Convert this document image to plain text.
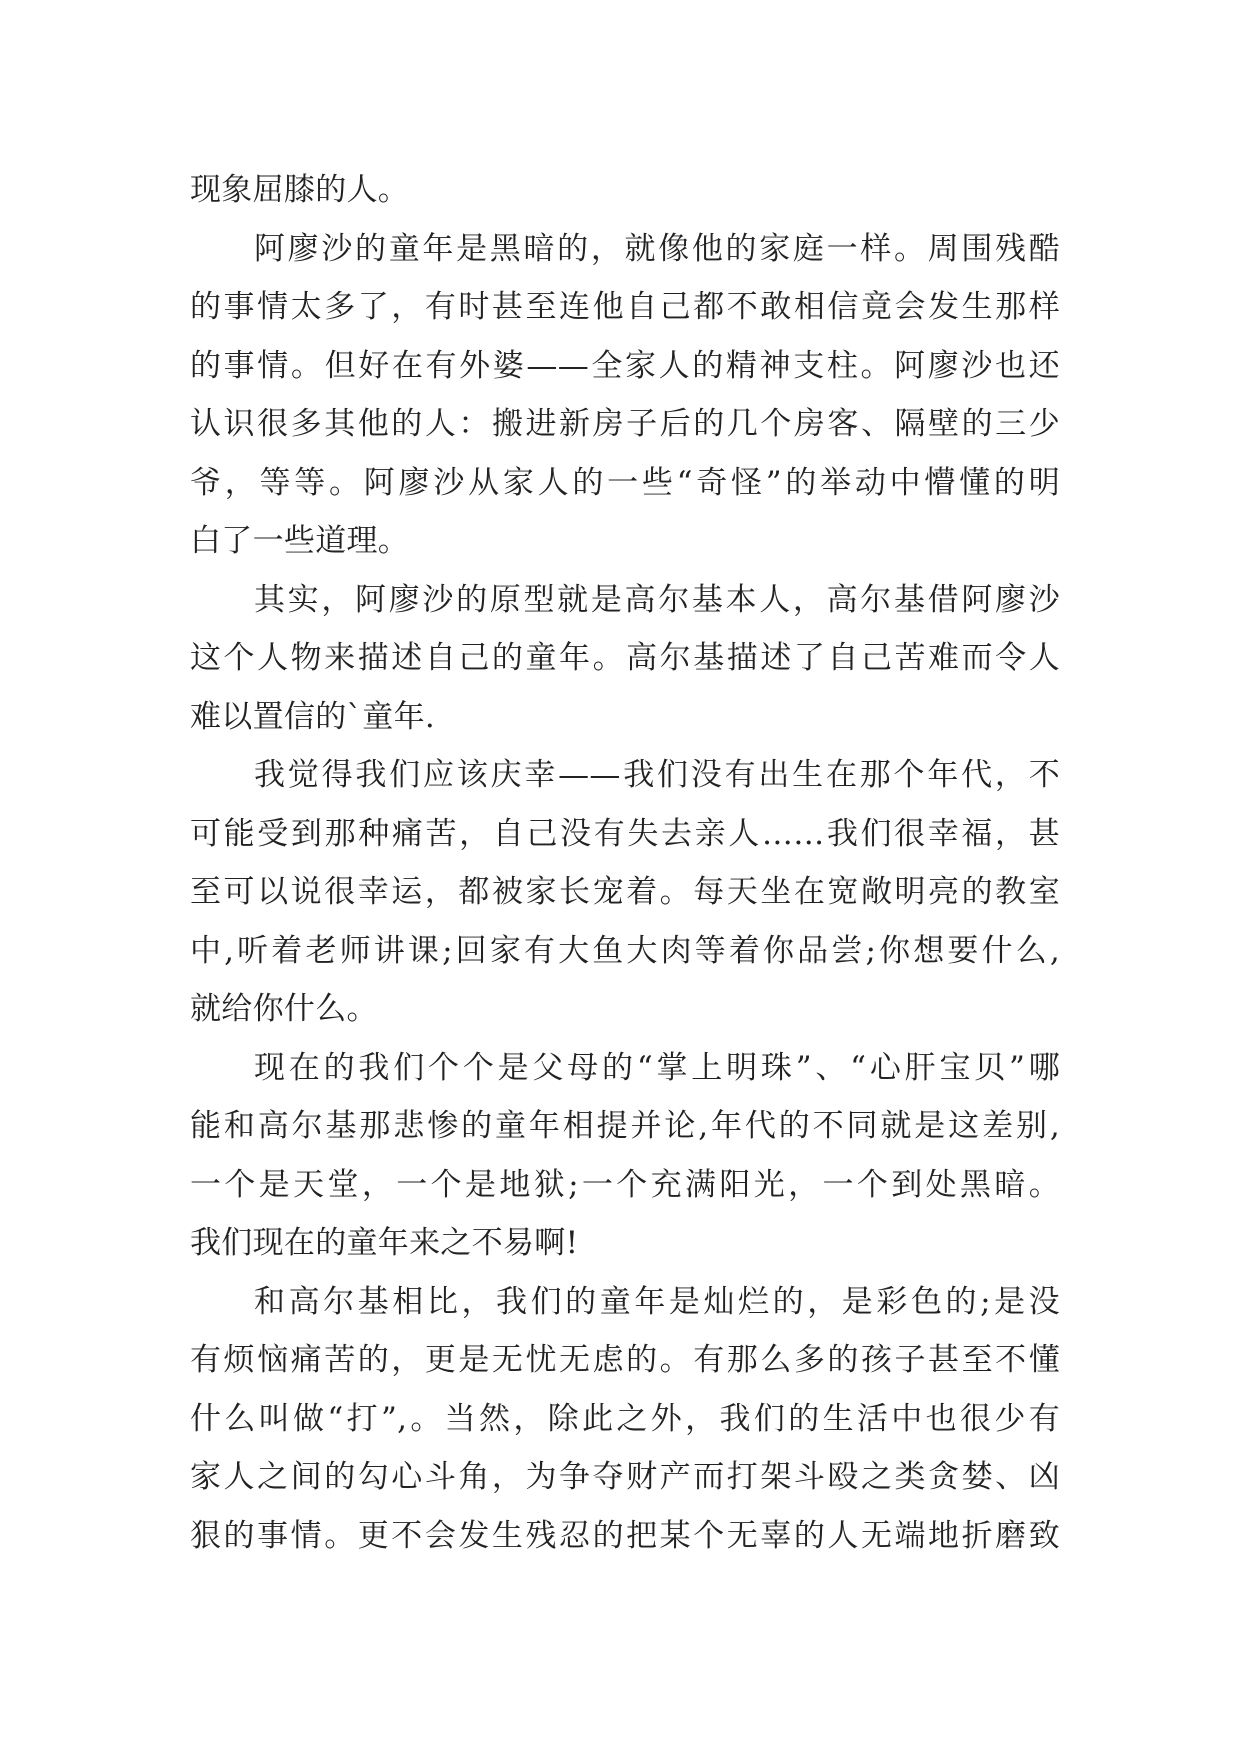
现象屈膝的人。
阿廖沙的童年是黑暗的，就像他的家庭一样。周围残酷
的事情太多了，有时甚至连他自己都不敢相信竟会发生那样
的事情。但好在有外婆——全家人的精神支柱。阿廖沙也还
认识很多其他的人：搬进新房子后的几个房客、隔壁的三少
爷，等等。阿廖沙从家人的一些“奇怪”的举动中懵懂的明
白了一些道理。
其实，阿廖沙的原型就是高尔基本人，高尔基借阿廖沙
这个人物来描述自己的童年。高尔基描述了自己苦难而令人
难以置信的`童年.
我觉得我们应该庆幸——我们没有出生在那个年代，不
可能受到那种痛苦，自己没有失去亲人……我们很幸福，甚
至可以说很幸运，都被家长宠着。每天坐在宽敞明亮的教室
中,听着老师讲课;回家有大鱼大肉等着你品尝;你想要什么,
就给你什么。
现在的我们个个是父母的“掌上明珠”、“心肝宝贝”哪
能和高尔基那悲惨的童年相提并论,年代的不同就是这差别,
一个是天堂，一个是地狱;一个充满阳光，一个到处黑暗。
我们现在的童年来之不易啊!
和高尔基相比，我们的童年是灿烂的，是彩色的;是没
有烦恼痛苦的，更是无忧无虑的。有那么多的孩子甚至不懂
什么叫做“打”,。当然，除此之外，我们的生活中也很少有
家人之间的勾心斗角，为争夺财产而打架斗殴之类贪婪、凶
狠的事情。更不会发生残忍的把某个无辜的人无端地折磨致
